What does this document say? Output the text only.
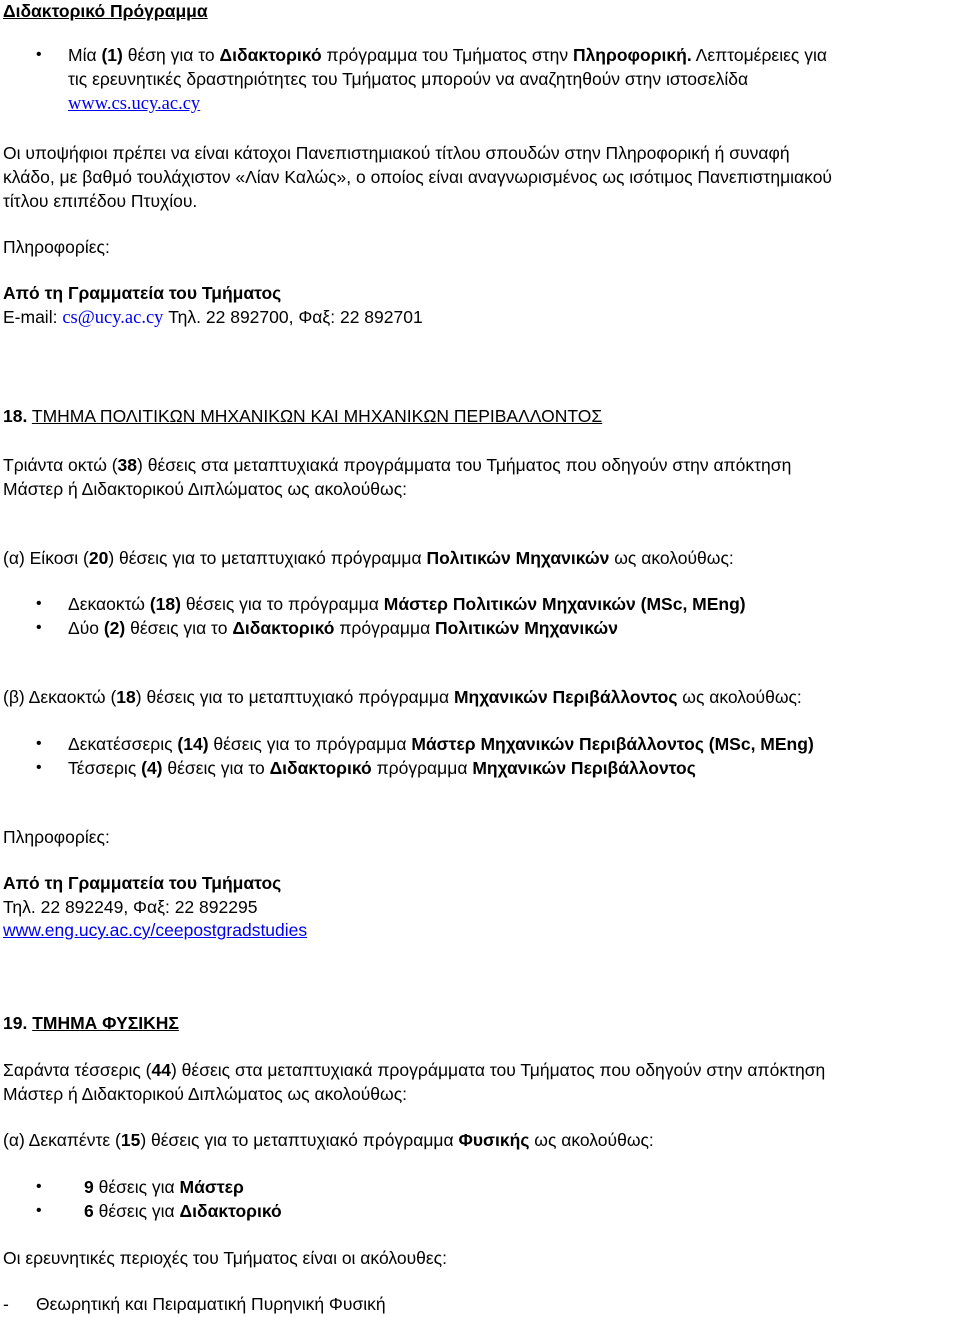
Διδακτορικό Πρόγραμμα
• Μία (1) θέση για το Διδακτορικό πρόγραμμα του Τμήματος στην Πληροφορική. Λεπτομέρειες για
τις ερευνητικές δραστηριότητες του Τμήματος μπορούν να αναζητηθούν στην ιστοσελίδα
www.cs.ucy.ac.cy
Οι υποψήφιοι πρέπει να είναι κάτοχοι Πανεπιστημιακού τίτλου σπουδών στην Πληροφορική ή συναφή
κλάδο, με βαθμό τουλάχιστον «Λίαν Καλώς», ο οποίος είναι αναγνωρισμένος ως ισότιμος Πανεπιστημιακού
τίτλου επιπέδου Πτυχίου.
Πληροφορίες:
Από τη Γραμματεία του Τμήματος
E-mail: cs@ucy.ac.cy Τηλ. 22 892700, Φαξ: 22 892701
18. ΤΜΗΜΑ ΠΟΛΙΤΙΚΩΝ ΜΗΧΑΝΙΚΩΝ ΚΑΙ ΜΗΧΑΝΙΚΩΝ ΠΕΡΙΒΑΛΛΟΝΤΟΣ
Τριάντα οκτώ (38) θέσεις στα μεταπτυχιακά προγράμματα του Τμήματος που οδηγούν στην απόκτηση
Μάστερ ή Διδακτορικού Διπλώματος ως ακολούθως:
(α) Είκοσι (20) θέσεις για το μεταπτυχιακό πρόγραμμα Πολιτικών Μηχανικών ως ακολούθως:
• Δεκαοκτώ (18) θέσεις για το πρόγραμμα Μάστερ Πολιτικών Μηχανικών (MSc, MEng)
• Δύο (2) θέσεις για το Διδακτορικό πρόγραμμα Πολιτικών Μηχανικών
(β) Δεκαοκτώ (18) θέσεις για το μεταπτυχιακό πρόγραμμα Μηχανικών Περιβάλλοντος ως ακολούθως:
• Δεκατέσσερις (14) θέσεις για το πρόγραμμα Μάστερ Μηχανικών Περιβάλλοντος (MSc, MEng)
• Τέσσερις (4) θέσεις για το Διδακτορικό πρόγραμμα Μηχανικών Περιβάλλοντος
Πληροφορίες:
Από τη Γραμματεία του Τμήματος
Τηλ. 22 892249, Φαξ: 22 892295
www.eng.ucy.ac.cy/ceepostgradstudies
19. ΤΜΗΜΑ ΦΥΣΙΚΗΣ
Σαράντα τέσσερις (44) θέσεις στα μεταπτυχιακά προγράμματα του Τμήματος που οδηγούν στην απόκτηση
Μάστερ ή Διδακτορικού Διπλώματος ως ακολούθως:
(α) Δεκαπέντε (15) θέσεις για το μεταπτυχιακό πρόγραμμα Φυσικής ως ακολούθως:
• 9 θέσεις για Μάστερ
• 6 θέσεις για Διδακτορικό
Οι ερευνητικές περιοχές του Τμήματος είναι οι ακόλουθες:
- Θεωρητική και Πειραματική Πυρηνική Φυσική
